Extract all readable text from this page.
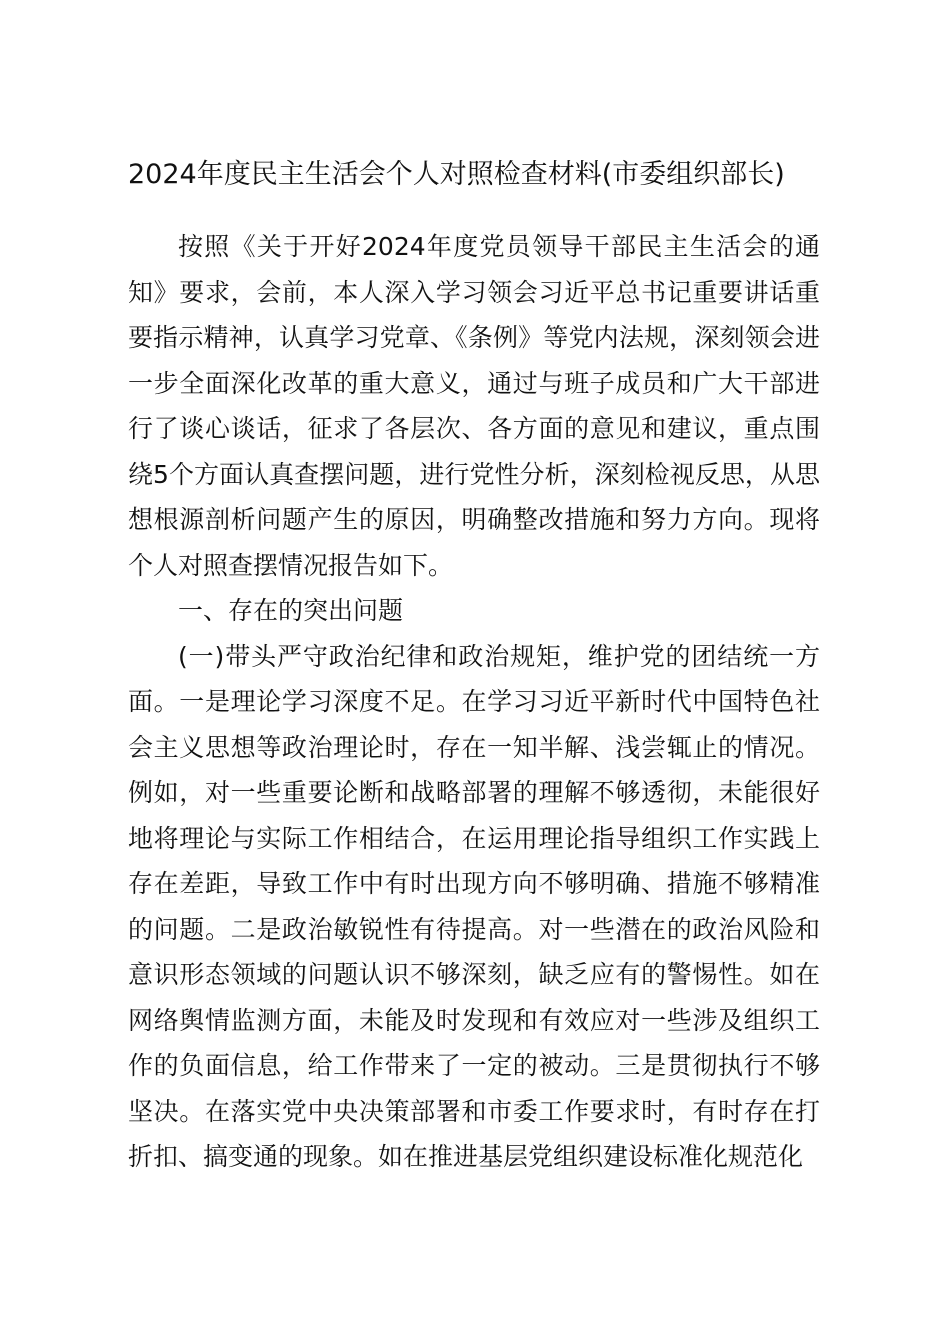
2024年度民主生活会个人对照检查材料(市委组织部长)

按照《关于开好2024年度党员领导干部民主生活会的通知》要求，会前，本人深入学习领会习近平总书记重要讲话重要指示精神，认真学习党章、《条例》等党内法规，深刻领会进一步全面深化改革的重大意义，通过与班子成员和广大干部进行了谈心谈话，征求了各层次、各方面的意见和建议，重点围绕5个方面认真查摆问题，进行党性分析，深刻检视反思，从思想根源剖析问题产生的原因，明确整改措施和努力方向。现将个人对照查摆情况报告如下。

一、存在的突出问题

(一)带头严守政治纪律和政治规矩，维护党的团结统一方面。一是理论学习深度不足。在学习习近平新时代中国特色社会主义思想等政治理论时，存在一知半解、浅尝辄止的情况。例如，对一些重要论断和战略部署的理解不够透彻，未能很好地将理论与实际工作相结合，在运用理论指导组织工作实践上存在差距，导致工作中有时出现方向不够明确、措施不够精准的问题。二是政治敏锐性有待提高。对一些潜在的政治风险和意识形态领域的问题认识不够深刻，缺乏应有的警惕性。如在网络舆情监测方面，未能及时发现和有效应对一些涉及组织工作的负面信息，给工作带来了一定的被动。三是贯彻执行不够坚决。在落实党中央决策部署和市委工作要求时，有时存在打折扣、搞变通的现象。如在推进基层党组织建设标准化规范化
